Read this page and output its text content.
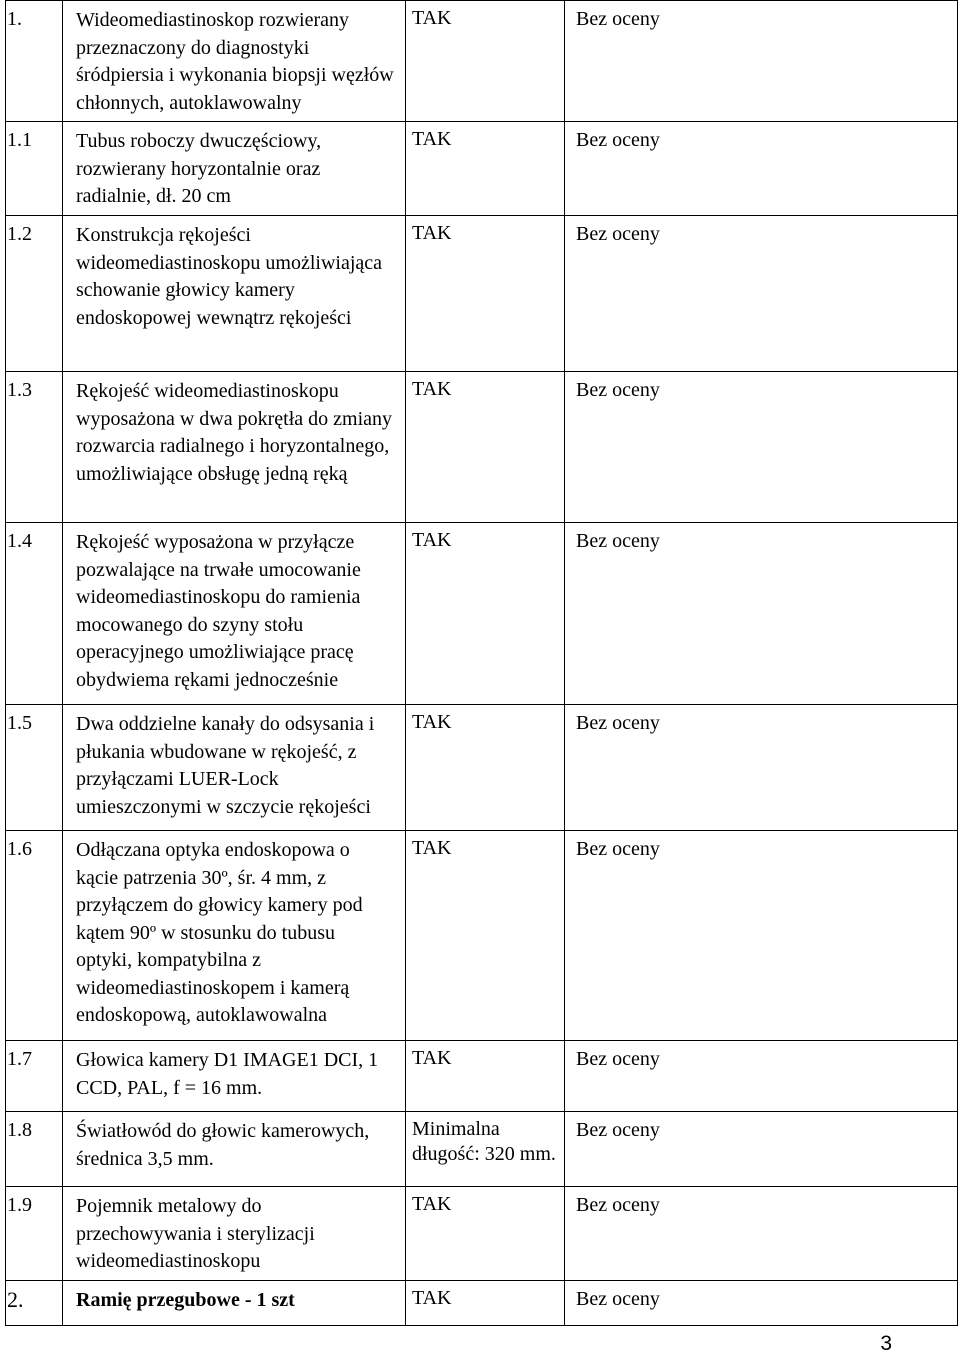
1.	Wideomediastinoskop rozwierany przeznaczony do diagnostyki śródpiersia i wykonania biopsji węzłów chłonnych, autoklawowalny	TAK	Bez oceny
1.1	Tubus roboczy dwuczęściowy, rozwierany horyzontalnie oraz radialnie, dł. 20 cm	TAK	Bez oceny
1.2	Konstrukcja rękojeści wideomediastinoskopu umożliwiająca schowanie głowicy kamery endoskopowej wewnątrz rękojeści	TAK	Bez oceny
1.3	Rękojeść wideomediastinoskopu wyposażona w dwa pokrętła do zmiany rozwarcia radialnego i horyzontalnego, umożliwiające obsługę jedną ręką	TAK	Bez oceny
1.4	Rękojeść wyposażona w przyłącze pozwalające na trwałe umocowanie wideomediastinoskopu do ramienia mocowanego do szyny stołu operacyjnego umożliwiające pracę obydwiema rękami jednocześnie	TAK	Bez oceny
1.5	Dwa oddzielne kanały do odsysania i płukania wbudowane w rękojeść, z przyłączami LUER-Lock umieszczonymi w szczycie rękojeści	TAK	Bez oceny
1.6	Odłączana optyka endoskopowa o kącie patrzenia 30º, śr. 4 mm, z przyłączem do głowicy kamery pod kątem 90º w stosunku do tubusu optyki, kompatybilna z wideomediastinoskopem i kamerą endoskopową, autoklawowalna	TAK	Bez oceny
1.7	Głowica kamery D1 IMAGE1 DCI, 1 CCD, PAL, f = 16 mm.	TAK	Bez oceny
1.8	Światłowód do głowic kamerowych, średnica 3,5 mm.	Minimalna długość: 320 mm.	Bez oceny
1.9	Pojemnik metalowy do przechowywania i sterylizacji wideomediastinoskopu	TAK	Bez oceny
2.	Ramię przegubowe - 1 szt	TAK	Bez oceny
3
